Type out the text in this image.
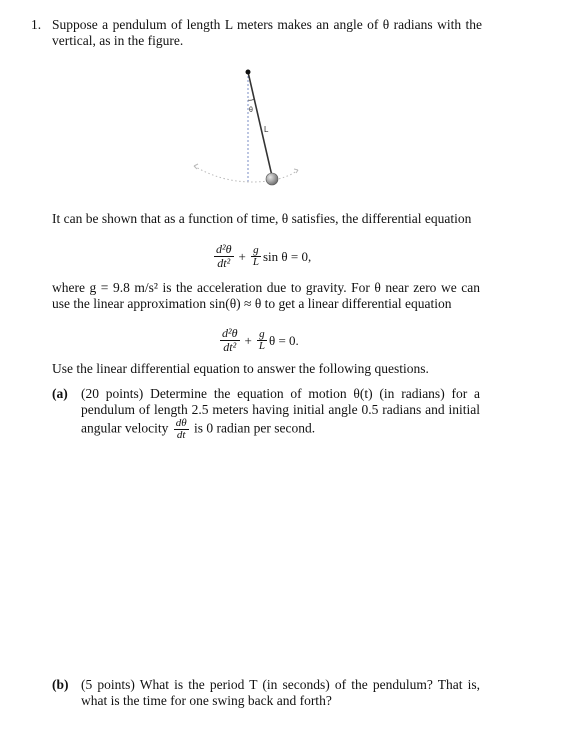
1. Suppose a pendulum of length L meters makes an angle of θ radians with the vertical, as in the figure.
θ
L
It can be shown that as a function of time, θ satisfies, the differential equation
$\frac{\text{d²θ}}{\text{dt²}} + \frac{g}{L}$ sin θ = 0,
where g = 9.8 m/s² is the acceleration due to gravity. For θ near zero we can use the linear approximation sin(θ) ≈ θ to get a linear differential equation
$\frac{\text{d²θ}}{\text{dt²}} + \frac{g}{L}$ θ = 0.
Use the linear differential equation to answer the following questions.
(a) (20 points) Determine the equation of motion θ(t) (in radians) for a pendulum of length 2.5 meters having initial angle 0.5 radians and initial angular velocity $\frac{d\theta}{dt}$ is 0 radian per second.
(b) (5 points) What is the period T (in seconds) of the pendulum? That is, what is the time for one swing back and forth?
